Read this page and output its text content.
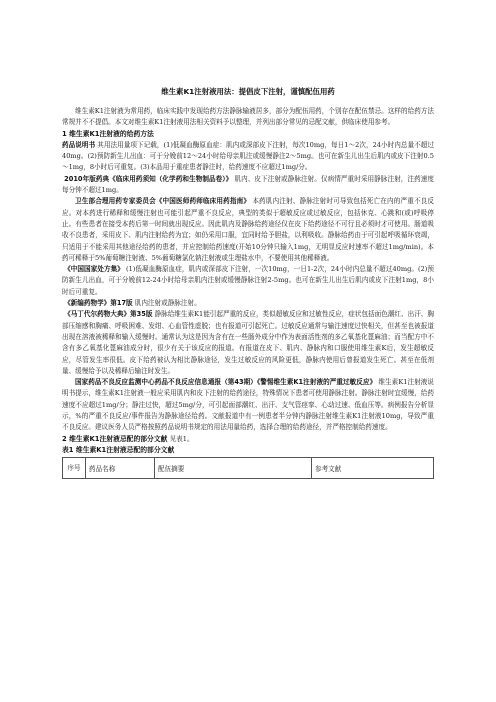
维生素K1注射液用法：提倡皮下注射，谨慎配伍用药

维生素K1注射液为常用药，临床实践中发现给药方法静脉输液居多，部分为配伍用药，个别存在配伍禁忌。这样的给药方法常规并不不提倡。本文对维生素K1注射液用法相关资料予以整理，并列出部分常见的忌配文献，供临床使用参考。

1 维生素K1注射液的给药方法

药品说明书 其用法用量项下记载，(1)低凝血酶原血症：肌内或深部皮下注射，每次10mg，每日1～2次，24小时内总量不超过40mg。(2)预防新生儿出血：可于分娩前12～24小时给母亲肌注或缓慢静注2～5mg。也可在新生儿出生后肌内或皮下注射0.5～1mg，8小时后可重复。(3)本品用于重症患者静注时，给药速度不应超过1mg/分。

2010年版药典《临床用药须知（化学药和生物制品卷）》 肌内、皮下注射或静脉注射。仅病情严重时采用静脉注射，注药速度每分钟不超过1mg。

卫生部合理用药专家委员会《中国医师药师临床用药指南》 本药肌内注射、静脉注射时可导致包括死亡在内的严重不良反应。对本药进行稀释和缓慢注射也可能引起严重不良反应，典型的类似于超敏反应或过敏反应，包括休克、心跳和(或)呼吸停止。有些患者在接受本药后第一时间就出现反应。因此肌内及静脉给药途径仅在皮下给药途径不可行且必须时才可使用。肠道吸收不良患者，采用皮下、肌内注射给药为宜；如仍采用口服，宜同时给予胆盐，以利吸收。静脉给药由于可引起呼吸循环衰竭，只适用于不能采用其他途径给药的患者，并应控制给药速度(开始10分钟只输入1mg，无明显反应时速率不超过1mg/min)。本药可稀释于5%葡萄糖注射液、5%葡萄糖氯化钠注射液或生理盐水中，不要使用其他稀释液。

《中国国家处方集》 (1)低凝血酶原血症，肌内或深部皮下注射，一次10mg，一日1-2次，24小时内总量不超过40mg。(2)预防新生儿出血，可于分娩前12-24小时给母亲肌内注射或缓慢静脉注射2-5mg。也可在新生儿出生后肌内或皮下注射1mg，8小时后可重复。

《新编药物学》第17版 肌内注射或静脉注射。

《马丁代尔药物大典》第35版 静脉给维生素K1能引起严重的反应，类似超敏反应和过敏性反应，症状包括面色潮红、出汗、胸部压缩感和胸痛、呼吸困难、发绀、心血管性虚脱；也有报道可引起死亡。过敏反应通常与输注速度过快相关，但甚至也被报道出现在溶液被稀释和输入缓慢时。通常认为这是因为含有在一些肠外成分中作为表面活性剂的多乙氧基化蓖麻油；而当配方中不含有多乙氧基化蓖麻油成分时，很少有关于该反应的报道。有报道在皮下、肌内、静脉内和口服使用维生素K后，发生超敏反应，尽管发生率很低。皮下给药被认为相比静脉途径，发生过敏反应的风险更低，静脉内使用后曾报道发生死亡。甚至在低剂量、缓慢给予以及稀释后输注时发生。

国家药品不良反应监测中心药品不良反应信息通报（第43期）《警惕维生素K1注射液的严重过敏反应》 维生素K1注射液说明书提示，维生素K1注射液一般应采用肌内和皮下注射的给药途径，特殊情况下患者可使用静脉注射。静脉注射时宜缓慢，给药速度不应超过1mg/分；静注过快，超过5mg/分，可引起面部潮红、出汗、支气管痉挛、心动过速、低血压等。病例报告分析显示，%的严重不良反应/事件报告为静脉途径给药。文献报道中有一例患者半分钟内静脉注射维生素K1注射液10mg，导致严重不良反应。建议医务人员严格按照药品说明书规定的用法用量给药，选择合理的给药途径，并严格控制给药速度。

2 维生素K1注射液忌配的部分文献 见表1。

表1 维生素K1注射液忌配的部分文献
序号	药品名称	配伍摘要	参考文献
